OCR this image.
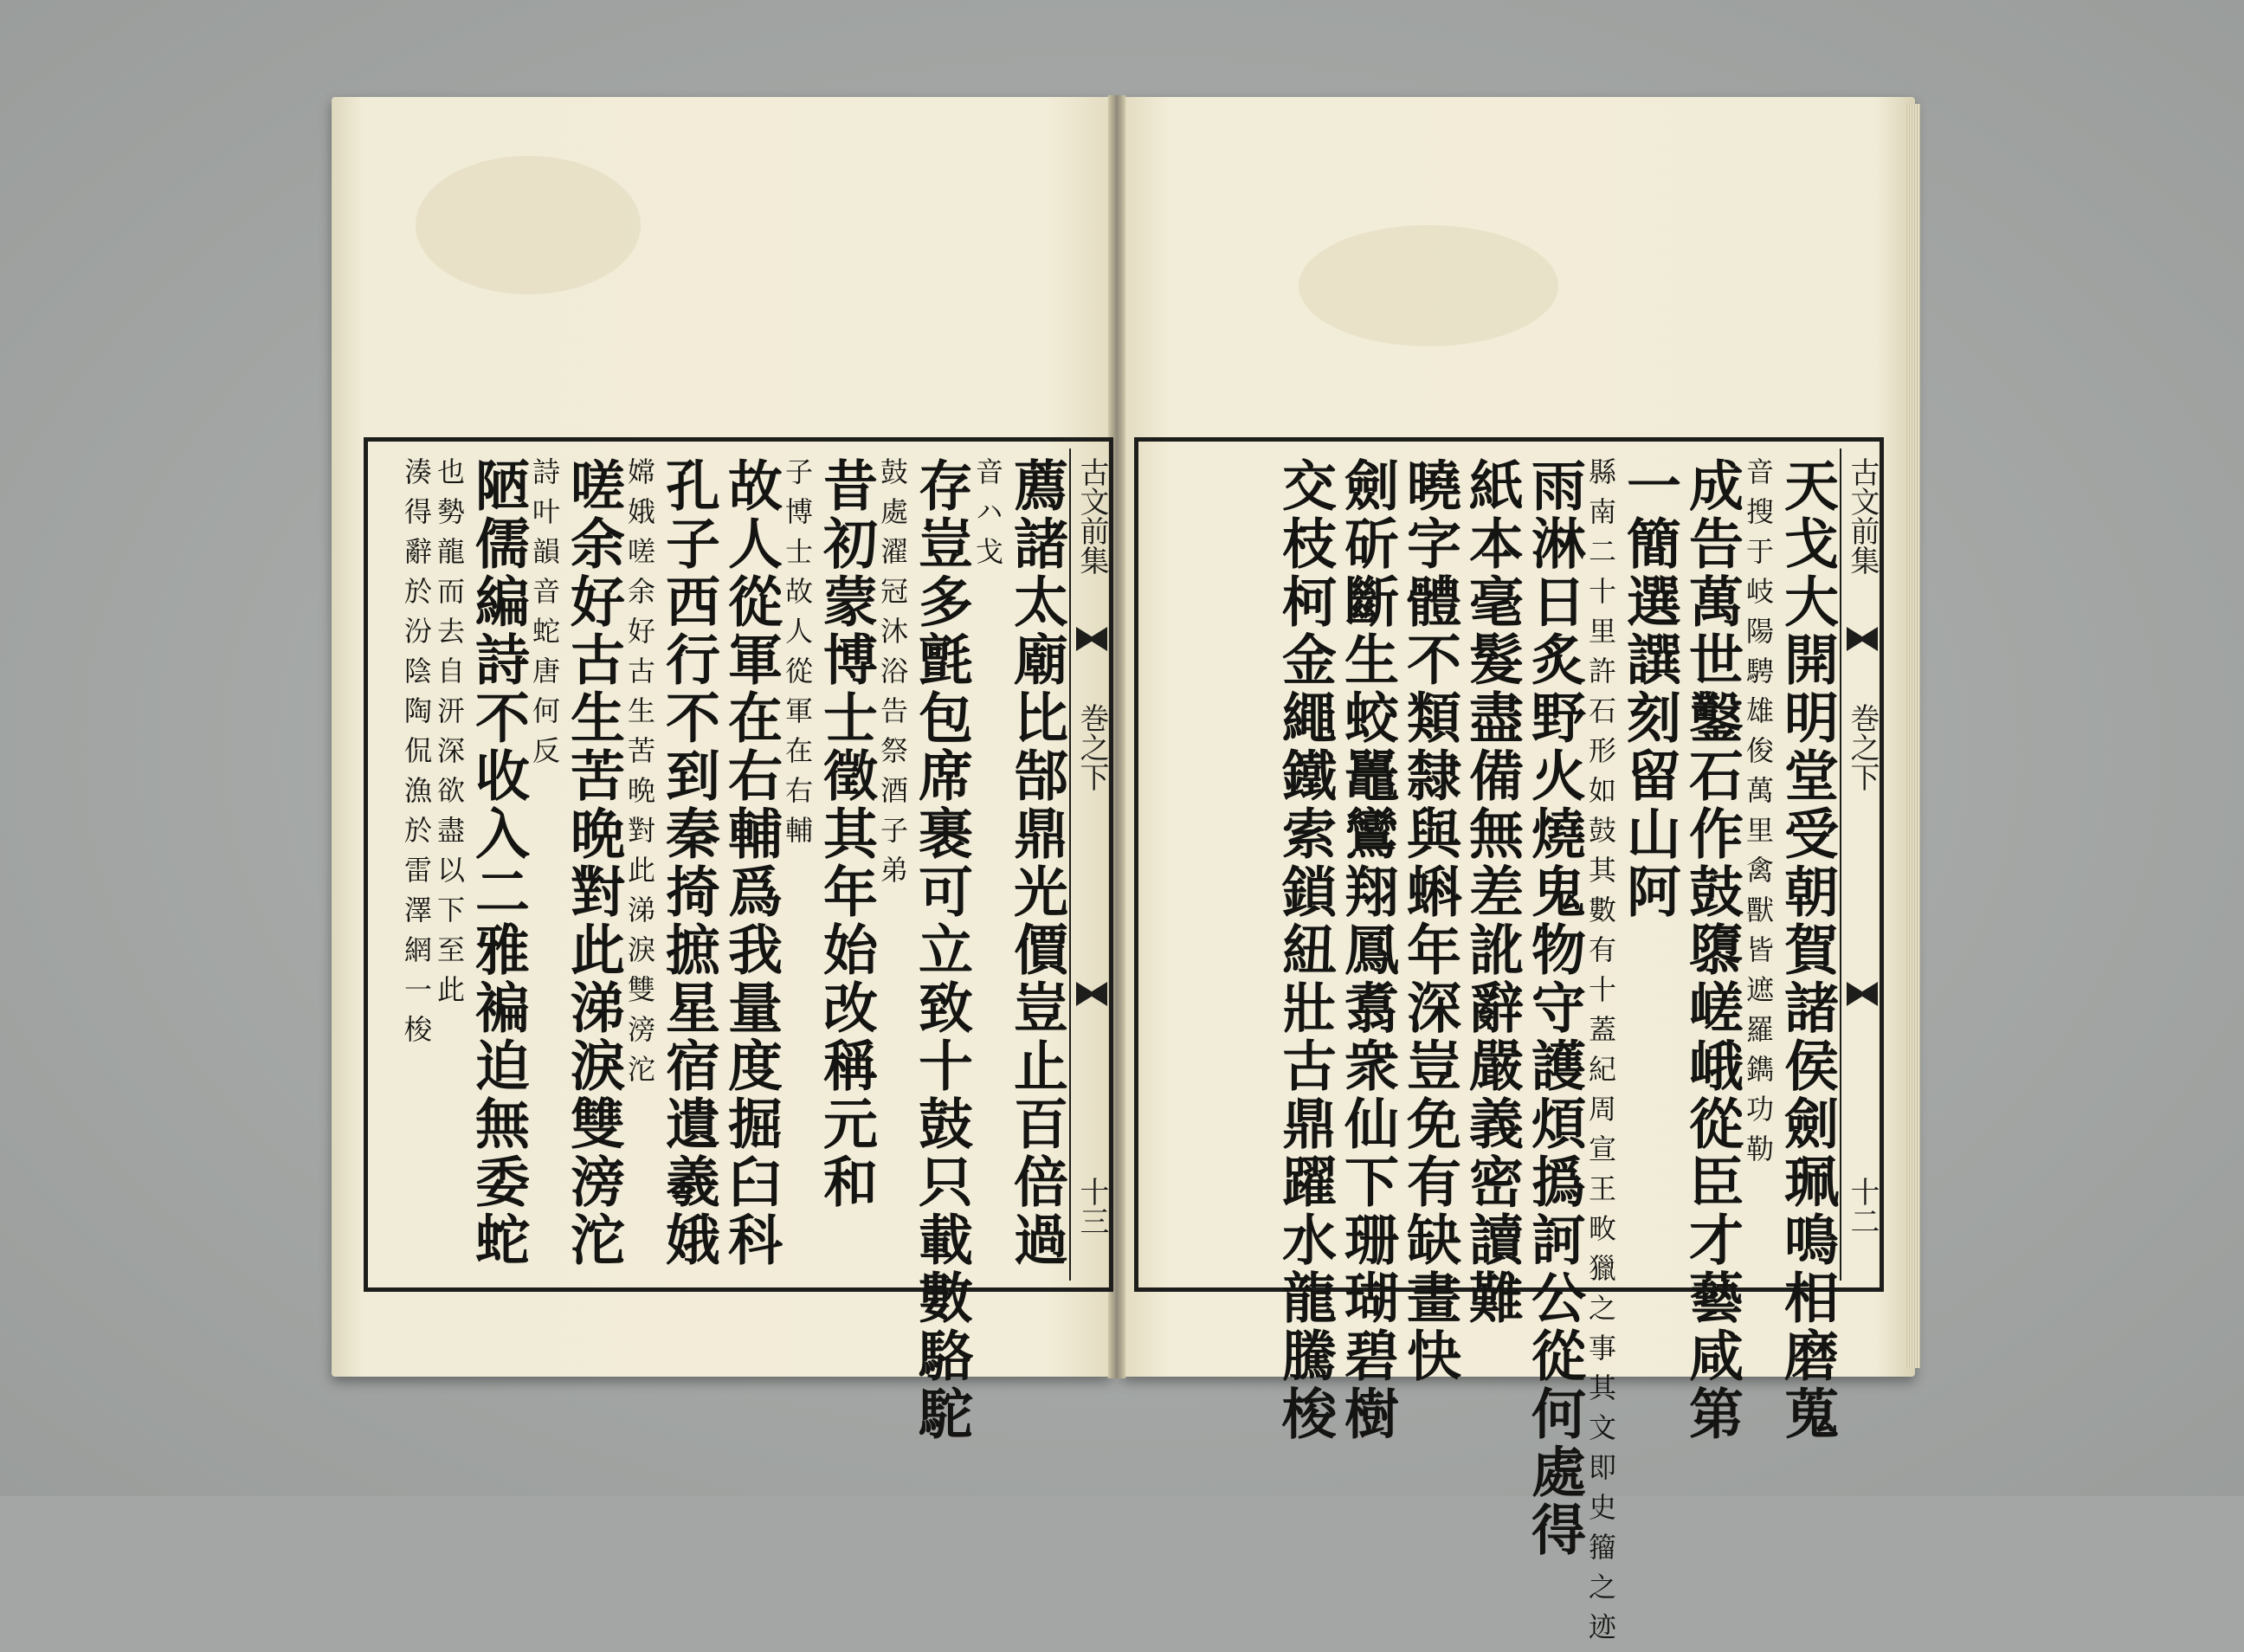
古文前集
巻之下
十三
薦諸太廟比郜鼎光價豈止百倍過
音ハ戈
存豈多氈包席裹可立致十鼓只載數駱駝
鼓處濯冠沐浴告祭酒子弟
昔初蒙博士徵其年始改稱元和
子博士故人從軍在右輔
故人從軍在右輔爲我量度掘臼科
孔子西行不到秦掎摭星宿遺羲娥
嫦娥嗟余好古生苦晩對此涕淚雙滂沱
嗟余好古生苦晩對此涕淚雙滂沱
詩叶韻音蛇唐何反
陋儒編詩不收入二雅褊迫無委蛇
也勢龍而去自汧深欲盡以下至此
湊得辭於汾陰陶侃漁於雷澤網一梭	古文前集
巻之下
十二
天戈大開明堂受朝賀諸侯劍珮鳴相磨蒐
音搜于岐陽騁雄俊萬里禽獸皆遮羅鐫功勒
成告萬世鑿石作鼓隳嵯峨從臣才藝咸第
一簡選譔刻留山阿
縣南二十里許石形如鼓其數有十蓋紀周宣王畋獵之事其文即史籀之迹
雨淋日炙野火燒鬼物守護煩撝訶公從何處得
紙本毫髮盡備無差訛辭嚴義密讀難
曉字體不類隸與蝌年深豈免有缺畫快
劍斫斷生蛟鼉鸞翔鳳翥衆仙下珊瑚碧樹
交枝柯金繩鐵索鎖紐壯古鼎躍水龍騰梭
